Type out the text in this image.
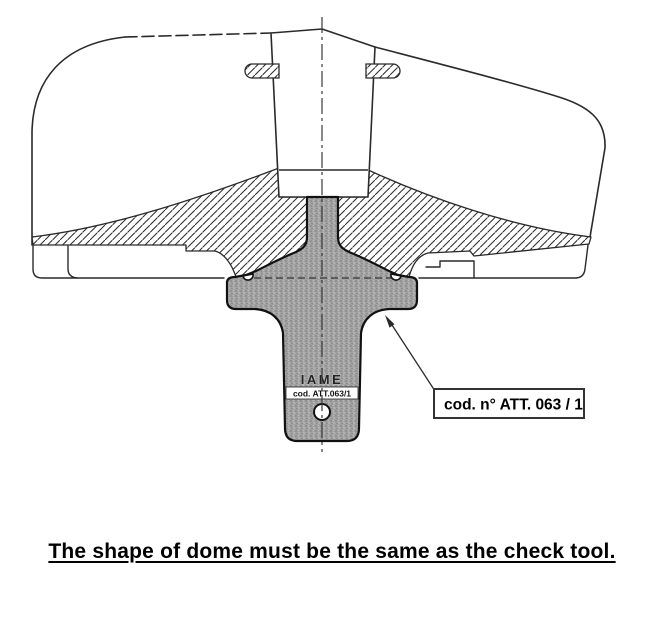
IAME
cod. ATT.063/1
cod. n° ATT. 063 / 1
The shape of dome must be the same as the check tool.
